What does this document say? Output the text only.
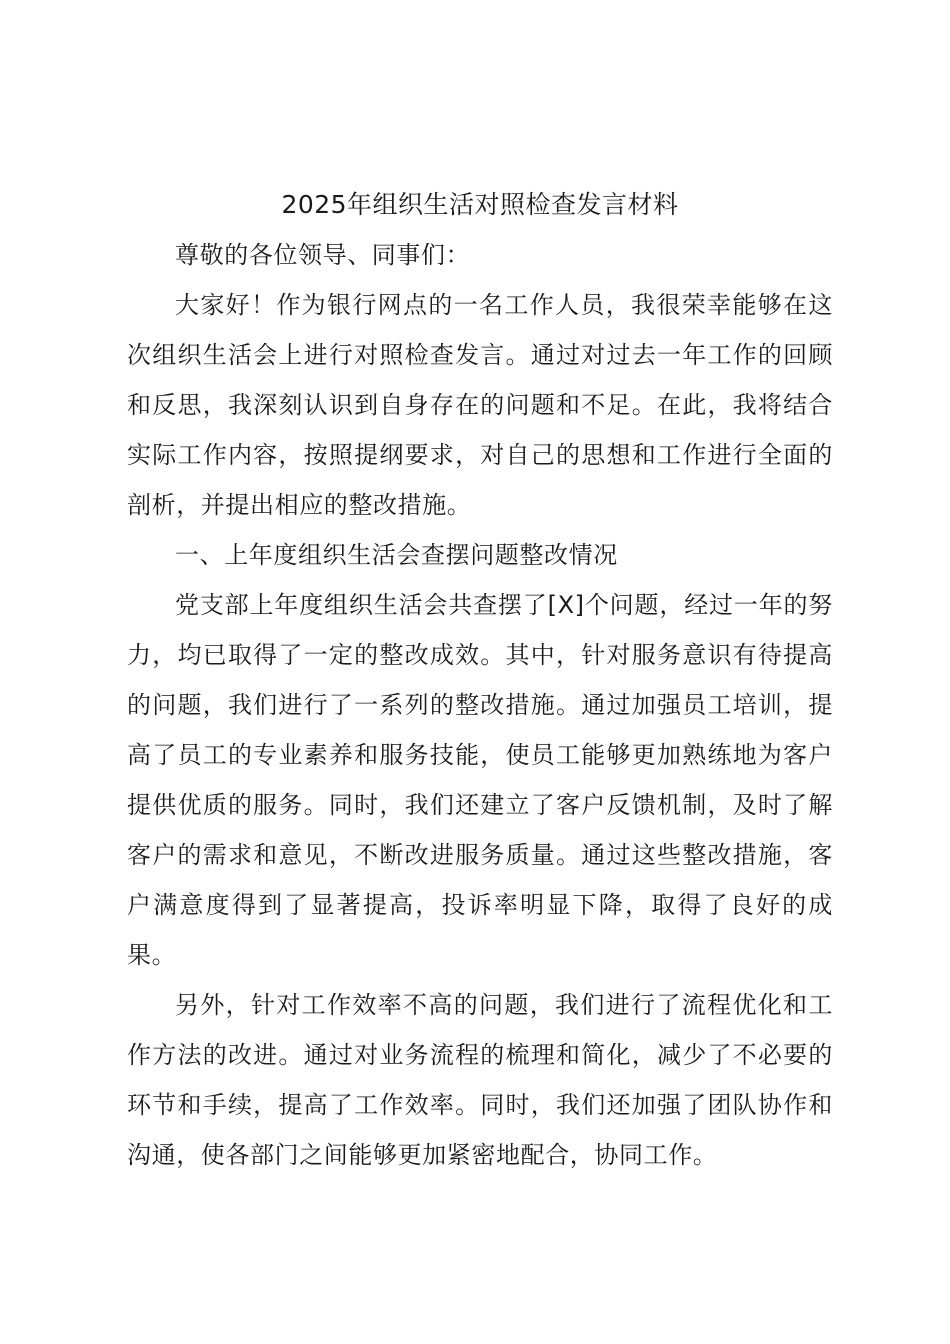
2025年组织生活对照检查发言材料

尊敬的各位领导、同事们：

大家好！作为银行网点的一名工作人员，我很荣幸能够在这次组织生活会上进行对照检查发言。通过对过去一年工作的回顾和反思，我深刻认识到自身存在的问题和不足。在此，我将结合实际工作内容，按照提纲要求，对自己的思想和工作进行全面的剖析，并提出相应的整改措施。

一、上年度组织生活会查摆问题整改情况

党支部上年度组织生活会共查摆了[X]个问题，经过一年的努力，均已取得了一定的整改成效。其中，针对服务意识有待提高的问题，我们进行了一系列的整改措施。通过加强员工培训，提高了员工的专业素养和服务技能，使员工能够更加熟练地为客户提供优质的服务。同时，我们还建立了客户反馈机制，及时了解客户的需求和意见，不断改进服务质量。通过这些整改措施，客户满意度得到了显著提高，投诉率明显下降，取得了良好的成果。

另外，针对工作效率不高的问题，我们进行了流程优化和工作方法的改进。通过对业务流程的梳理和简化，减少了不必要的环节和手续，提高了工作效率。同时，我们还加强了团队协作和沟通，使各部门之间能够更加紧密地配合，协同工作。
